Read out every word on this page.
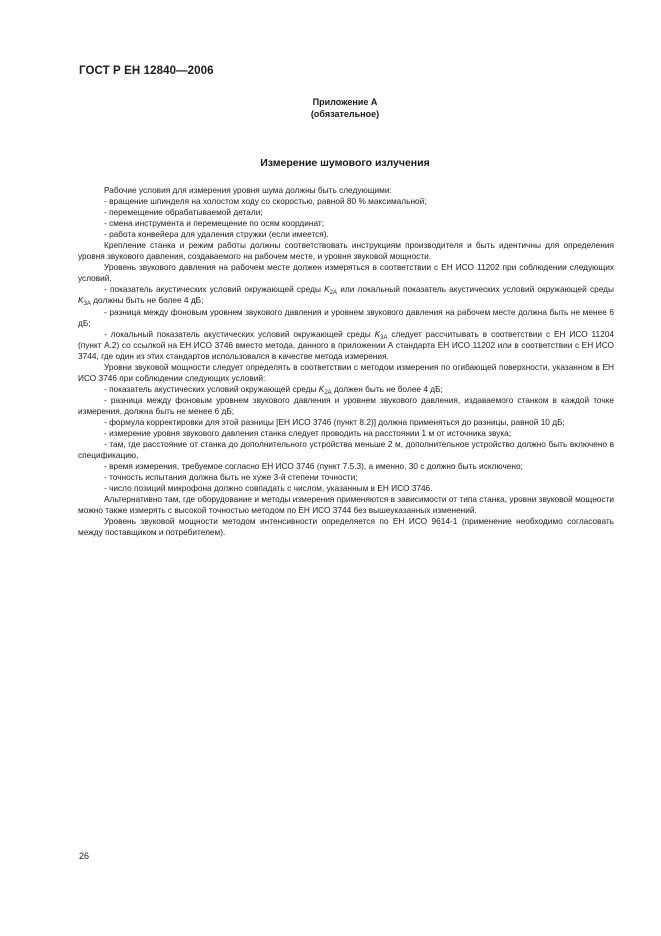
ГОСТ Р ЕН 12840—2006
Приложение А
(обязательное)
Измерение шумового излучения

Рабочие условия для измерения уровня шума должны быть следующими:

- вращение шпинделя на холостом ходу со скоростью, равной 80 % максимальной;

- перемещение обрабатываемой детали;

- смена инструмента и перемещение по осям координат;

- работа конвейера для удаления стружки (если имеется).

Крепление станка и режим работы должны соответствовать инструкциям производителя и быть идентичны для определения уровня звукового давления, создаваемого на рабочем месте, и уровня звуковой мощности.

Уровень звукового давления на рабочем месте должен измеряться в соответствии с ЕН ИСО 11202 при соблюдении следующих условий.

- показатель акустических условий окружающей среды $K_{2A}$ или локальный показатель акустических условий окружающей среды $K_{3A}$ должны быть не более 4 дБ;

- разница между фоновым уровнем звукового давления и уровнем звукового давления на рабочем месте должна быть не менее 6 дБ;

- локальный показатель акустических условий окружающей среды $K_{3A}$ следует рассчитывать в соответствии с ЕН ИСО 11204 (пункт А.2) со ссылкой на ЕН ИСО 3746 вместо метода, данного в приложении А стандарта ЕН ИСО 11202 или в соответствии с ЕН ИСО 3744, где один из этих стандартов использовался в качестве метода измерения.

Уровни звуковой мощности следует определять в соответствии с методом измерения по огибающей поверхности, указанном в ЕН ИСО 3746 при соблюдении следующих условий:

- показатель акустических условий окружающей среды $K_{2A}$ должен быть не более 4 дБ;

- разница между фоновым уровнем звукового давления и уровнем звукового давления, издаваемого станком в каждой точке измерения, должна быть не менее 6 дБ;

- формула корректировки для этой разницы [ЕН ИСО 3746 (пункт 8.2)] должна применяться до разницы, равной 10 дБ;

- измерение уровня звукового давления станка следует проводить на расстоянии 1 м от источника звука;

- там, где расстояние от станка до дополнительного устройства меньше 2 м, дополнительное устройство должно быть включено в спецификацию,

- время измерения, требуемое согласно ЕН ИСО 3746 (пункт 7.5.3), а именно, 30 с должно быть исключено;

- точность испытания должна быть не хуже 3-й степени точности;

- число позиций микрофона должно совпадать с числом, указанным в ЕН ИСО 3746.

Альтернативно там, где оборудование и методы измерения применяются в зависимости от типа станка, уровни звуковой мощности можно также измерять с высокой точностью методом по ЕН ИСО 3744 без вышеуказанных изменений.

Уровень звуковой мощности методом интенсивности определяется по ЕН ИСО 9614-1 (применение необходимо согласовать между поставщиком и потребителем).

26
